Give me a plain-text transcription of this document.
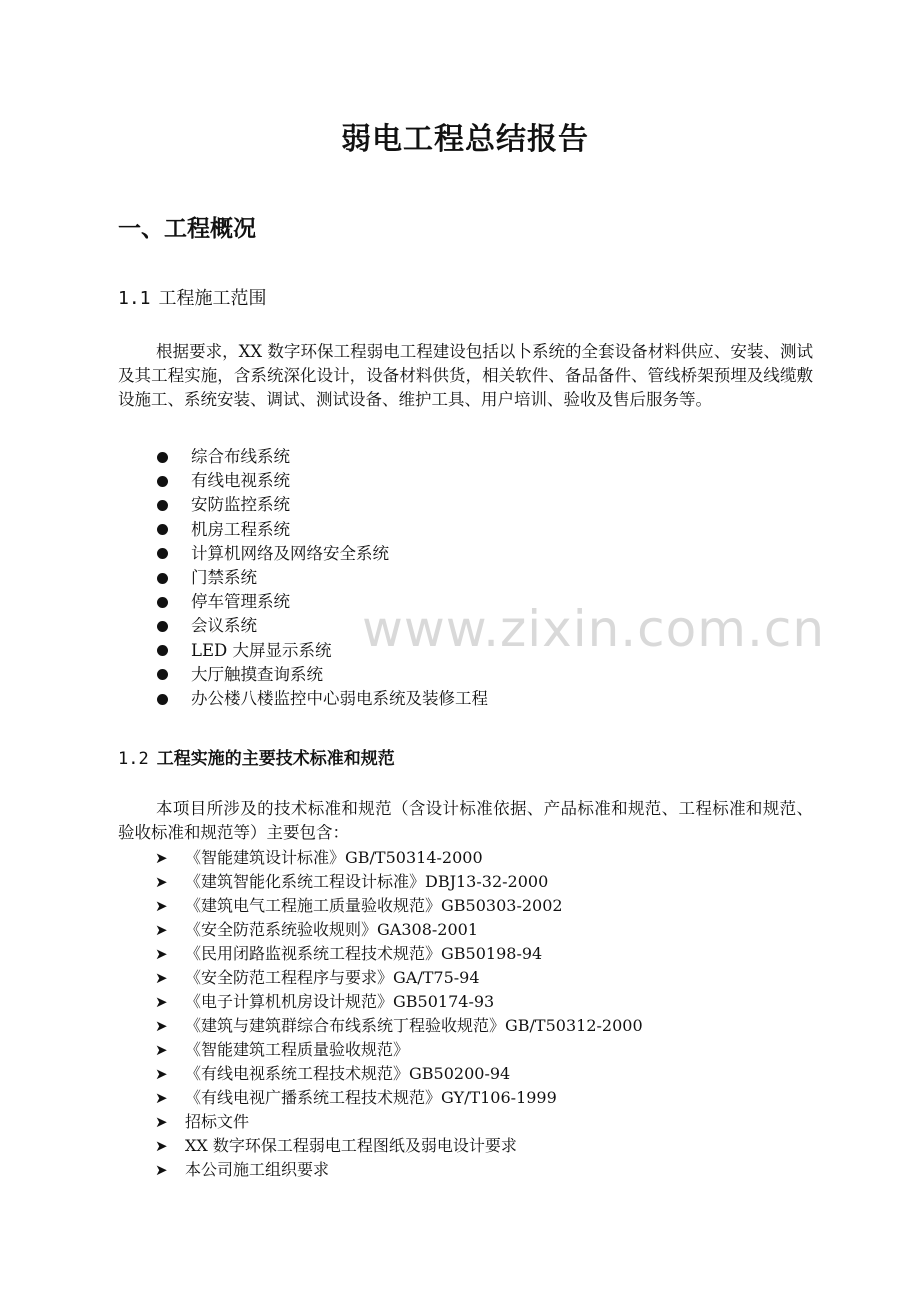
www.zixin.com.cn
弱电工程总结报告
一、工程概况
1.1 工程施工范围
根据要求，XX 数字环保工程弱电工程建设包括以卜系统的全套设备材料供应、安装、测试及其工程实施，含系统深化设计，设备材料供货，相关软件、备品备件、管线桥架预埋及线缆敷设施工、系统安装、调试、测试设备、维护工具、用户培训、验收及售后服务等。
综合布线系统
有线电视系统
安防监控系统
机房工程系统
计算机网络及网络安全系统
门禁系统
停车管理系统
会议系统
LED 大屏显示系统
大厅触摸查询系统
办公楼八楼监控中心弱电系统及装修工程
1.2 工程实施的主要技术标准和规范
本项目所涉及的技术标准和规范（含设计标准依据、产品标准和规范、工程标准和规范、验收标准和规范等）主要包含：
➤	《智能建筑设计标准》GB/T50314-2000
➤	《建筑智能化系统工程设计标准》DBJ13-32-2000
➤	《建筑电气工程施工质量验收规范》GB50303-2002
➤	《安全防范系统验收规则》GA308-2001
➤	《民用闭路监视系统工程技术规范》GB50198-94
➤	《安全防范工程程序与要求》GA/T75-94
➤	《电子计算机机房设计规范》GB50174-93
➤	《建筑与建筑群综合布线系统丁程验收规范》GB/T50312-2000
➤	《智能建筑工程质量验收规范》
➤	《有线电视系统工程技术规范》GB50200-94
➤	《有线电视广播系统工程技术规范》GY/T106-1999
➤	招标文件
➤	XX 数字环保工程弱电工程图纸及弱电设计要求
➤	本公司施工组织要求
